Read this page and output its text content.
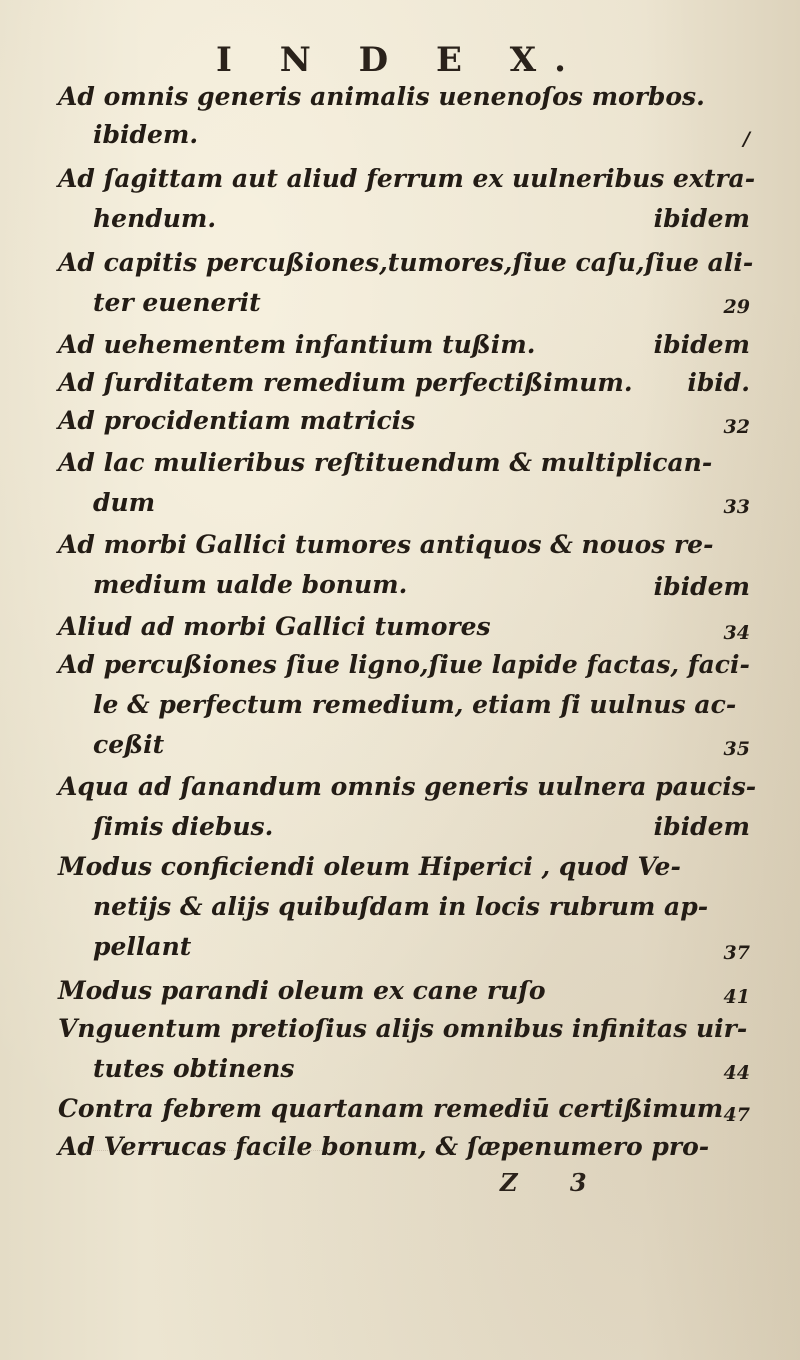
I N D E X.
Ad omnis generis animalis uenenoſos morbos.
ibidem.	/
Ad ſagittam aut aliud ferrum ex uulneribus extra-
hendum.	ibidem
Ad capitis percußiones,tumores,ſiue caſu,ſiue ali-
ter euenerit	29
Ad uehementem infantium tußim.	ibidem
Ad ſurditatem remedium perfectißimum. ibid.
Ad procidentiam matricis	32
Ad lac mulieribus reſtituendum & multiplican-
dum	33
Ad morbi Gallici tumores antiquos & nouos re-
medium ualde bonum.	ibidem
Aliud ad morbi Gallici tumores	34
Ad percußiones ſiue ligno,ſiue lapide factas, faci-
le & perfectum remedium, etiam ſi uulnus ac-
ceßit	35
Aqua ad ſanandum omnis generis uulnera paucis-
ſimis diebus.	ibidem
Modus conficiendi oleum Hiperici , quod Ve-
netijs & alijs quibuſdam in locis rubrum ap-
pellant	37
Modus parandi oleum ex cane ruſo	41
Vnguentum pretioſius alijs omnibus infinitas uir-
tutes obtinens	44
Contra febrem quartanam remediū certißimum 47
Ad Verrucas facile bonum, & ſæpenumero pro-
Z 3
